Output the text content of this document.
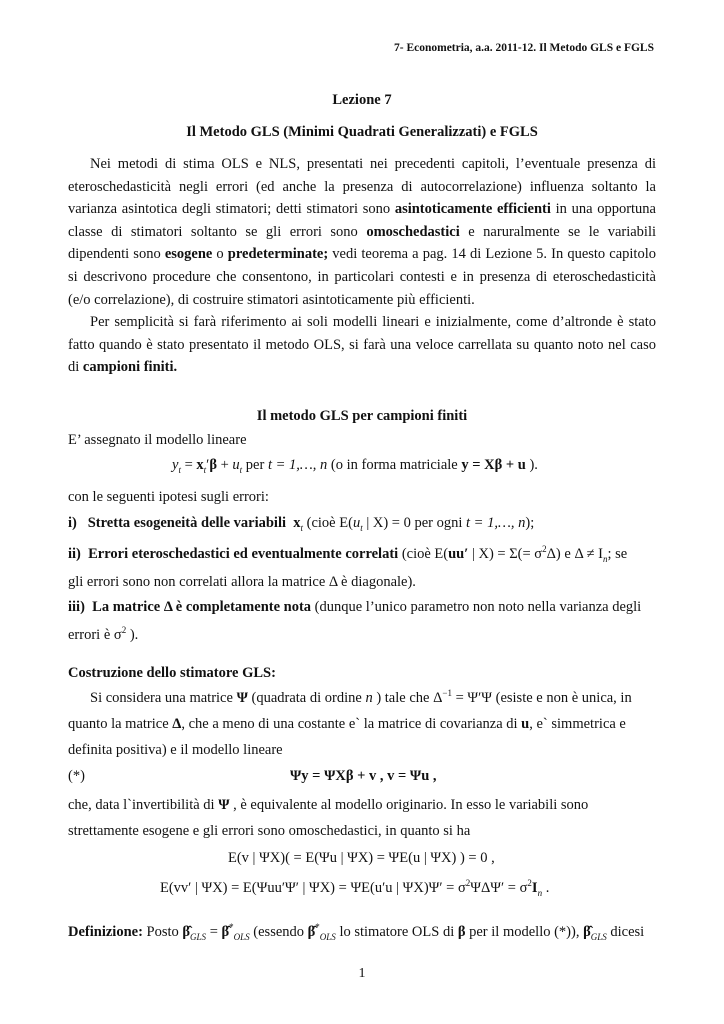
7- Econometria, a.a. 2011-12. Il Metodo GLS e FGLS
Lezione 7
Il Metodo GLS (Minimi Quadrati Generalizzati) e FGLS

Nei metodi di stima OLS e NLS, presentati nei precedenti capitoli, l’eventuale presenza di eteroschedasticità negli errori (ed anche la presenza di autocorrelazione) influenza soltanto la varianza asintotica degli stimatori; detti stimatori sono asintoticamente efficienti in una opportuna classe di stimatori soltanto se gli errori sono omoschedastici e naruralmente se le variabili dipendenti sono esogene o predeterminate; vedi teorema a pag. 14 di Lezione 5. In questo capitolo si descrivono procedure che consentono, in particolari contesti e in presenza di eteroschedasticità (e/o correlazione), di costruire stimatori asintoticamente più efficienti.

Per semplicità si farà riferimento ai soli modelli lineari e inizialmente, come d’altronde è stato fatto quando è stato presentato il metodo OLS, si farà una veloce carrellata su quanto noto nel caso di campioni finiti.

Il metodo GLS per campioni finiti
E’ assegnato il modello lineare
$y_t = x_t'\beta + u_t$ per t = 1,…, n (o in forma matriciale y = Xβ + u ).
con le seguenti ipotesi sugli errori:
i) Stretta esogeneità delle variabili $x_t$ (cioè $E(u_t$ | X) = 0 per ogni t = 1,…, n);
ii) Errori eteroschedastici ed eventualmente correlati (cioè E(uu′ | $X) = \Sigma(= \sigma^2\Delta)$ e $\Delta \ne I_n$; se
gli errori sono non correlati allora la matrice Δ è diagonale).
iii) La matrice Δ è completamente nota (dunque l’unico parametro non noto nella varianza degli
errori è $\sigma^2$ ).
Costruzione dello stimatore GLS:
Si considera una matrice Ψ (quadrata di ordine n ) tale che $\Delta^{-1} = \Psi'\Psi$ (esiste e non è unica, in
quanto la matrice Δ, che a meno di una costante e` la matrice di covarianza di u, e` simmetrica e
definita positiva) e il modello lineare
(*)	Ψy = ΨXβ + v , v = Ψu ,
che, data l`invertibilità di Ψ , è equivalente al modello originario. In esso le variabili sono
strettamente esogene e gli errori sono omoschedastici, in quanto si ha
E(v | ΨX)( = E(Ψu | ΨX) = ΨE(u | ΨX) ) = 0 ,
E(vv′ | ΨX) = E(Ψuu′Ψ′ | ΨX) = ΨE(u′u | $\Psi X)\Psi' = \sigma^2\Psi\Delta\Psi' = \sigma^2I_n$ .
Definizione: Posto $\betâ_{GLS}$ = $\betâ^*_{OLS}$ (essendo $\betâ^*_{OLS}$ lo stimatore OLS di β per il modello (*)), $\betâ_{GLS}$ dicesi
1
